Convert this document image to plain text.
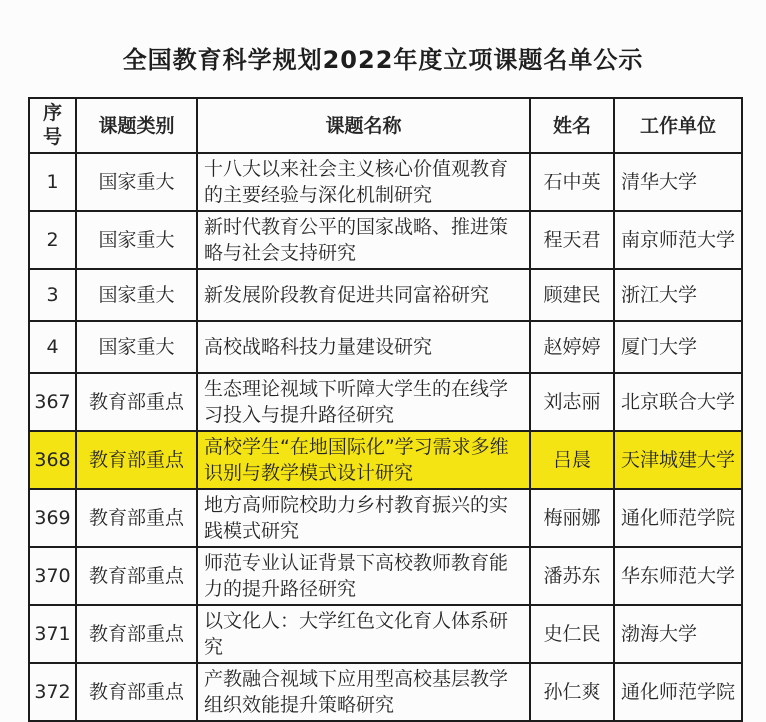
全国教育科学规划2022年度立项课题名单公示
序号	课题类别	课题名称	姓名	工作单位
1	国家重大	十八大以来社会主义核心价值观教育的主要经验与深化机制研究	石中英	清华大学
2	国家重大	新时代教育公平的国家战略、推进策略与社会支持研究	程天君	南京师范大学
3	国家重大	新发展阶段教育促进共同富裕研究	顾建民	浙江大学
4	国家重大	高校战略科技力量建设研究	赵婷婷	厦门大学
367	教育部重点	生态理论视域下听障大学生的在线学习投入与提升路径研究	刘志丽	北京联合大学
368	教育部重点	高校学生“在地国际化”学习需求多维识别与教学模式设计研究	吕晨	天津城建大学
369	教育部重点	地方高师院校助力乡村教育振兴的实践模式研究	梅丽娜	通化师范学院
370	教育部重点	师范专业认证背景下高校教师教育能力的提升路径研究	潘苏东	华东师范大学
371	教育部重点	以文化人：大学红色文化育人体系研究	史仁民	渤海大学
372	教育部重点	产教融合视域下应用型高校基层教学组织效能提升策略研究	孙仁爽	通化师范学院
